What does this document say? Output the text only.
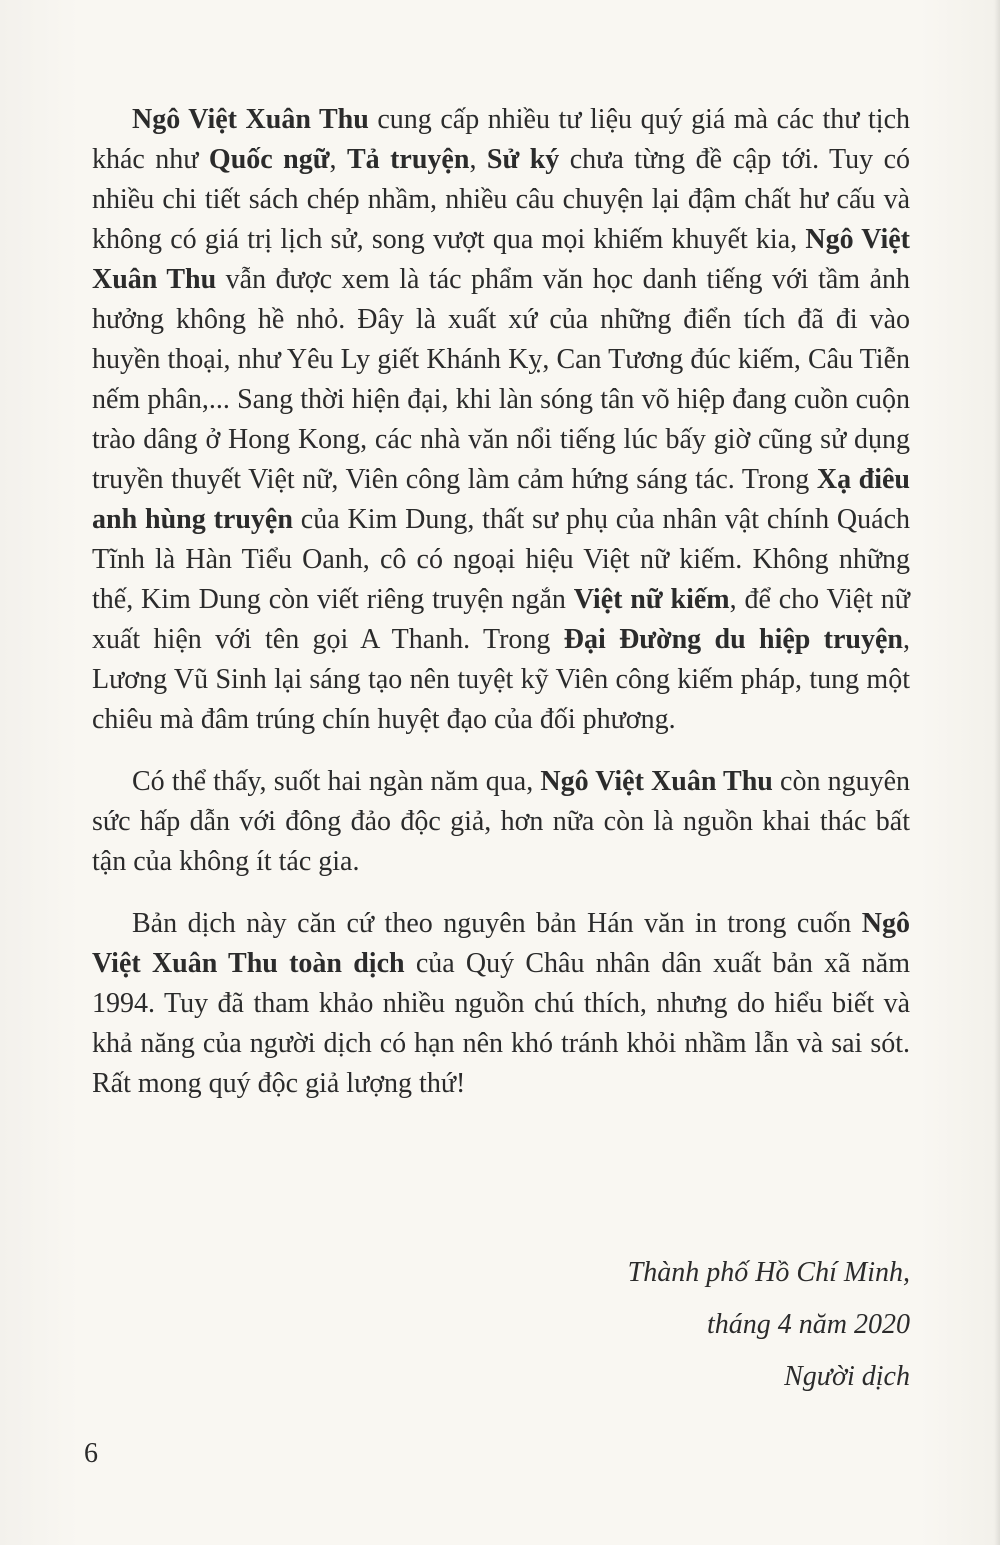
Ngô Việt Xuân Thu cung cấp nhiều tư liệu quý giá mà các thư tịch khác như Quốc ngữ, Tả truyện, Sử ký chưa từng đề cập tới. Tuy có nhiều chi tiết sách chép nhầm, nhiều câu chuyện lại đậm chất hư cấu và không có giá trị lịch sử, song vượt qua mọi khiếm khuyết kia, Ngô Việt Xuân Thu vẫn được xem là tác phẩm văn học danh tiếng với tầm ảnh hưởng không hề nhỏ. Đây là xuất xứ của những điển tích đã đi vào huyền thoại, như Yêu Ly giết Khánh Kỵ, Can Tương đúc kiếm, Câu Tiễn nếm phân,... Sang thời hiện đại, khi làn sóng tân võ hiệp đang cuồn cuộn trào dâng ở Hong Kong, các nhà văn nổi tiếng lúc bấy giờ cũng sử dụng truyền thuyết Việt nữ, Viên công làm cảm hứng sáng tác. Trong Xạ điêu anh hùng truyện của Kim Dung, thất sư phụ của nhân vật chính Quách Tĩnh là Hàn Tiểu Oanh, cô có ngoại hiệu Việt nữ kiếm. Không những thế, Kim Dung còn viết riêng truyện ngắn Việt nữ kiếm, để cho Việt nữ xuất hiện với tên gọi A Thanh. Trong Đại Đường du hiệp truyện, Lương Vũ Sinh lại sáng tạo nên tuyệt kỹ Viên công kiếm pháp, tung một chiêu mà đâm trúng chín huyệt đạo của đối phương.

Có thể thấy, suốt hai ngàn năm qua, Ngô Việt Xuân Thu còn nguyên sức hấp dẫn với đông đảo độc giả, hơn nữa còn là nguồn khai thác bất tận của không ít tác gia.

Bản dịch này căn cứ theo nguyên bản Hán văn in trong cuốn Ngô Việt Xuân Thu toàn dịch của Quý Châu nhân dân xuất bản xã năm 1994. Tuy đã tham khảo nhiều nguồn chú thích, nhưng do hiểu biết và khả năng của người dịch có hạn nên khó tránh khỏi nhầm lẫn và sai sót. Rất mong quý độc giả lượng thứ!

Thành phố Hồ Chí Minh,
tháng 4 năm 2020
Người dịch
6
